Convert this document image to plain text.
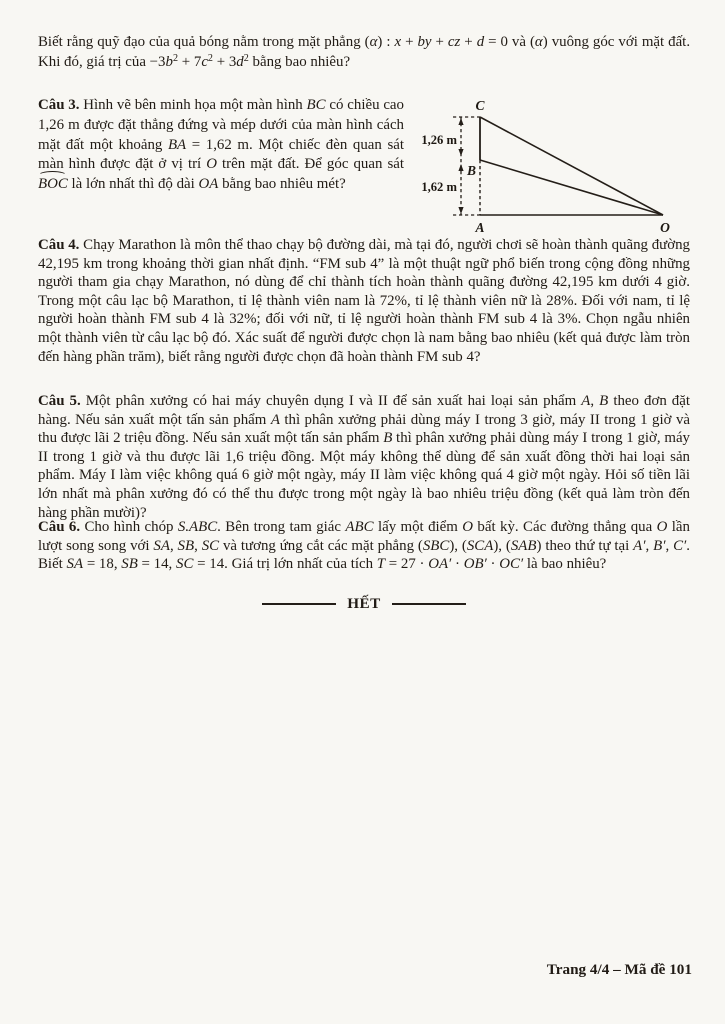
Biết rằng quỹ đạo của quả bóng nằm trong mặt phẳng (α) : x + by + cz + d = 0 và (α) vuông góc với mặt đất. Khi đó, giá trị của $-3b^2 + 7c^2 + 3d^2$ bằng bao nhiêu?

Câu 3. Hình vẽ bên minh họa một màn hình BC có chiều cao 1,26 m được đặt thẳng đứng và mép dưới của màn hình cách mặt đất một khoảng BA = 1,62 m. Một chiếc đèn quan sát màn hình được đặt ở vị trí O trên mặt đất. Để góc quan sát BOC là lớn nhất thì độ dài OA bằng bao nhiêu mét?

C
B
A	O
1,26 m
1,62 m

Câu 4. Chạy Marathon là môn thể thao chạy bộ đường dài, mà tại đó, người chơi sẽ hoàn thành quãng đường 42,195 km trong khoảng thời gian nhất định. “FM sub 4” là một thuật ngữ phổ biến trong cộng đồng những người tham gia chạy Marathon, nó dùng để chỉ thành tích hoàn thành quãng đường 42,195 km dưới 4 giờ. Trong một câu lạc bộ Marathon, tỉ lệ thành viên nam là 72%, tỉ lệ thành viên nữ là 28%. Đối với nam, tỉ lệ người hoàn thành FM sub 4 là 32%; đối với nữ, tỉ lệ người hoàn thành FM sub 4 là 3%. Chọn ngẫu nhiên một thành viên từ câu lạc bộ đó. Xác suất để người được chọn là nam bằng bao nhiêu (kết quả được làm tròn đến hàng phần trăm), biết rằng người được chọn đã hoàn thành FM sub 4?

Câu 5. Một phân xưởng có hai máy chuyên dụng I và II để sản xuất hai loại sản phẩm A, B theo đơn đặt hàng. Nếu sản xuất một tấn sản phẩm A thì phân xưởng phải dùng máy I trong 3 giờ, máy II trong 1 giờ và thu được lãi 2 triệu đồng. Nếu sản xuất một tấn sản phẩm B thì phân xưởng phải dùng máy I trong 1 giờ, máy II trong 1 giờ và thu được lãi 1,6 triệu đồng. Một máy không thể dùng để sản xuất đồng thời hai loại sản phẩm. Máy I làm việc không quá 6 giờ một ngày, máy II làm việc không quá 4 giờ một ngày. Hỏi số tiền lãi lớn nhất mà phân xưởng đó có thể thu được trong một ngày là bao nhiêu triệu đồng (kết quả làm tròn đến hàng phần mười)?

Câu 6. Cho hình chóp S.ABC. Bên trong tam giác ABC lấy một điểm O bất kỳ. Các đường thẳng qua O lần lượt song song với SA, SB, SC và tương ứng cắt các mặt phẳng (SBC), (SCA), (SAB) theo thứ tự tại A′, B′, C′. Biết SA = 18, SB = 14, SC = 14. Giá trị lớn nhất của tích T = 27 · OA′ · OB′ · OC′ là bao nhiêu?

HẾT
Trang 4/4 – Mã đề 101
